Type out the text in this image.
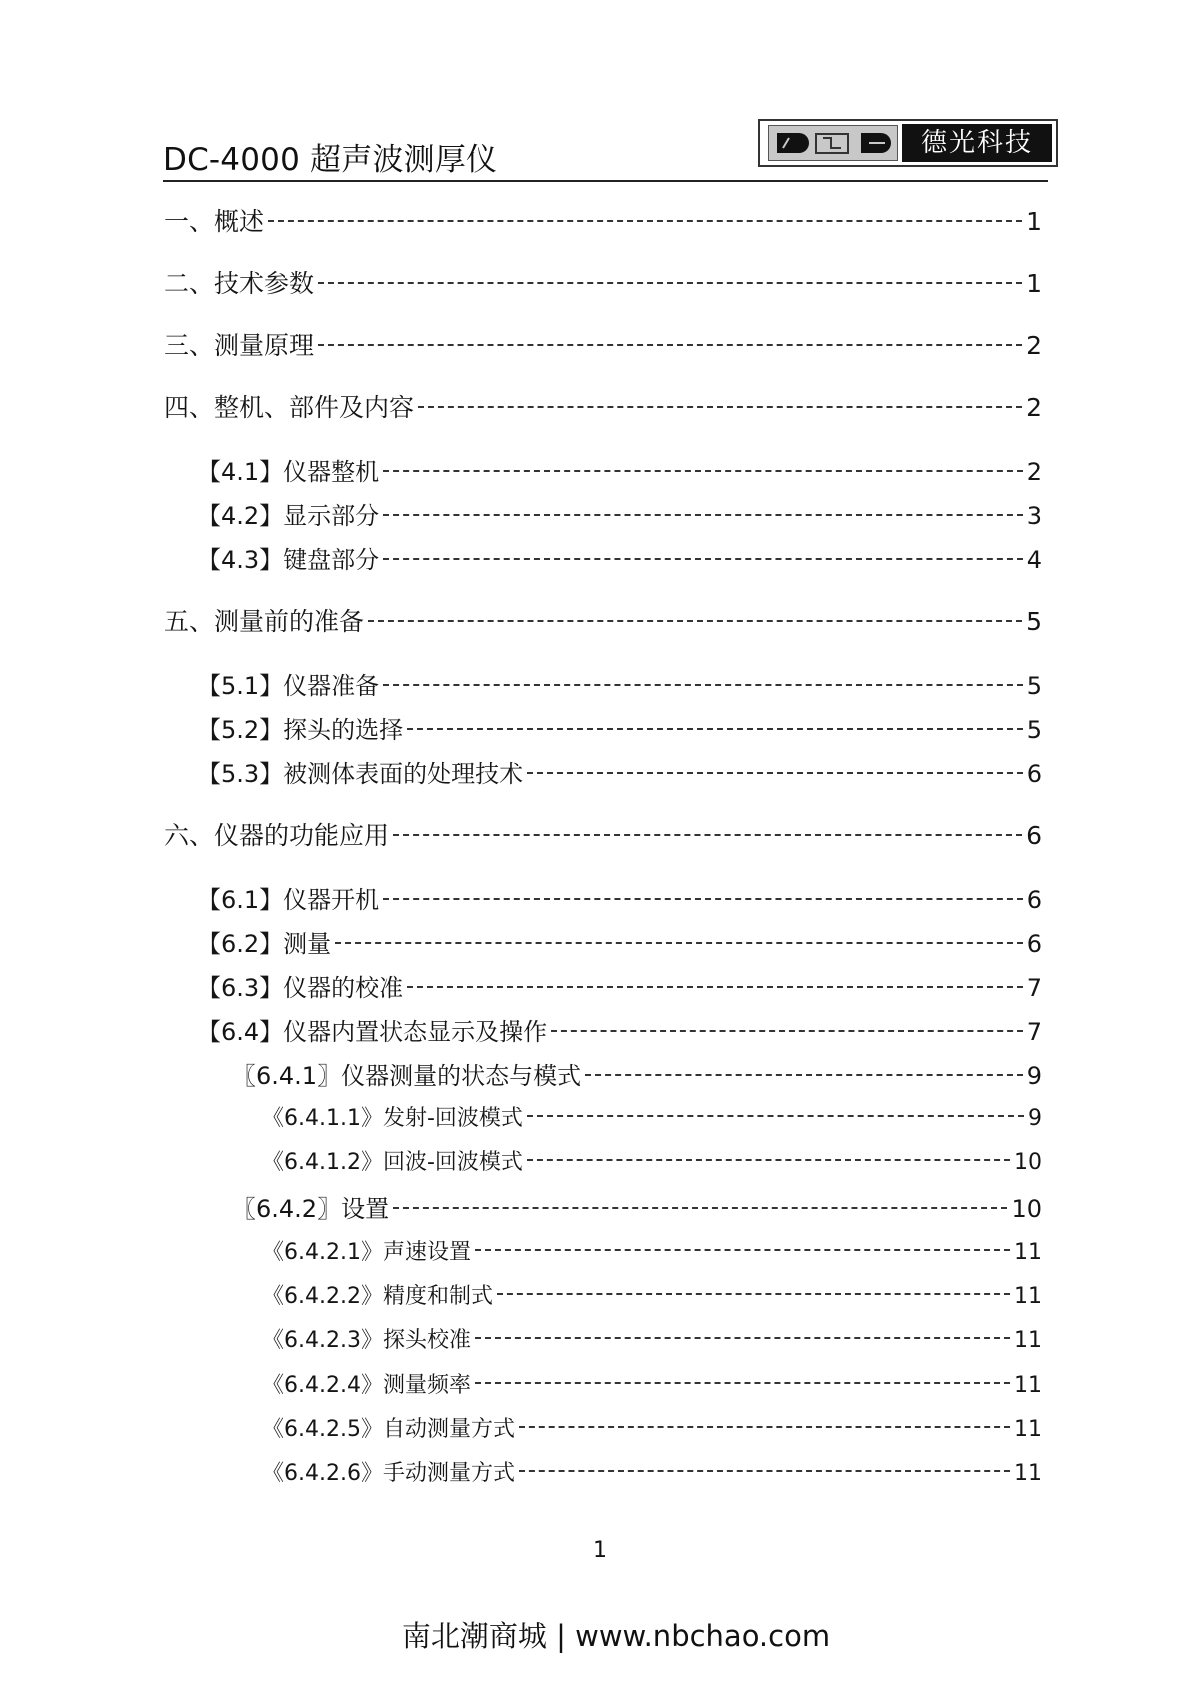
DC-4000 超声波测厚仪	德光科技
一、概述	1
二、技术参数	1
三、测量原理	2
四、整机、部件及内容	2
【4.1】仪器整机	2
【4.2】显示部分	3
【4.3】键盘部分	4
五、测量前的准备	5
【5.1】仪器准备	5
【5.2】探头的选择	5
【5.3】被测体表面的处理技术	6
六、仪器的功能应用	6
【6.1】仪器开机	6
【6.2】测量	6
【6.3】仪器的校准	7
【6.4】仪器内置状态显示及操作	7
〖6.4.1〗仪器测量的状态与模式	9
《6.4.1.1》发射-回波模式	9
《6.4.1.2》回波-回波模式	10
〖6.4.2〗设置	10
《6.4.2.1》声速设置	11
《6.4.2.2》精度和制式	11
《6.4.2.3》探头校准	11
《6.4.2.4》测量频率	11
《6.4.2.5》自动测量方式	11
《6.4.2.6》手动测量方式	11
1
南北潮商城 | www.nbchao.com
